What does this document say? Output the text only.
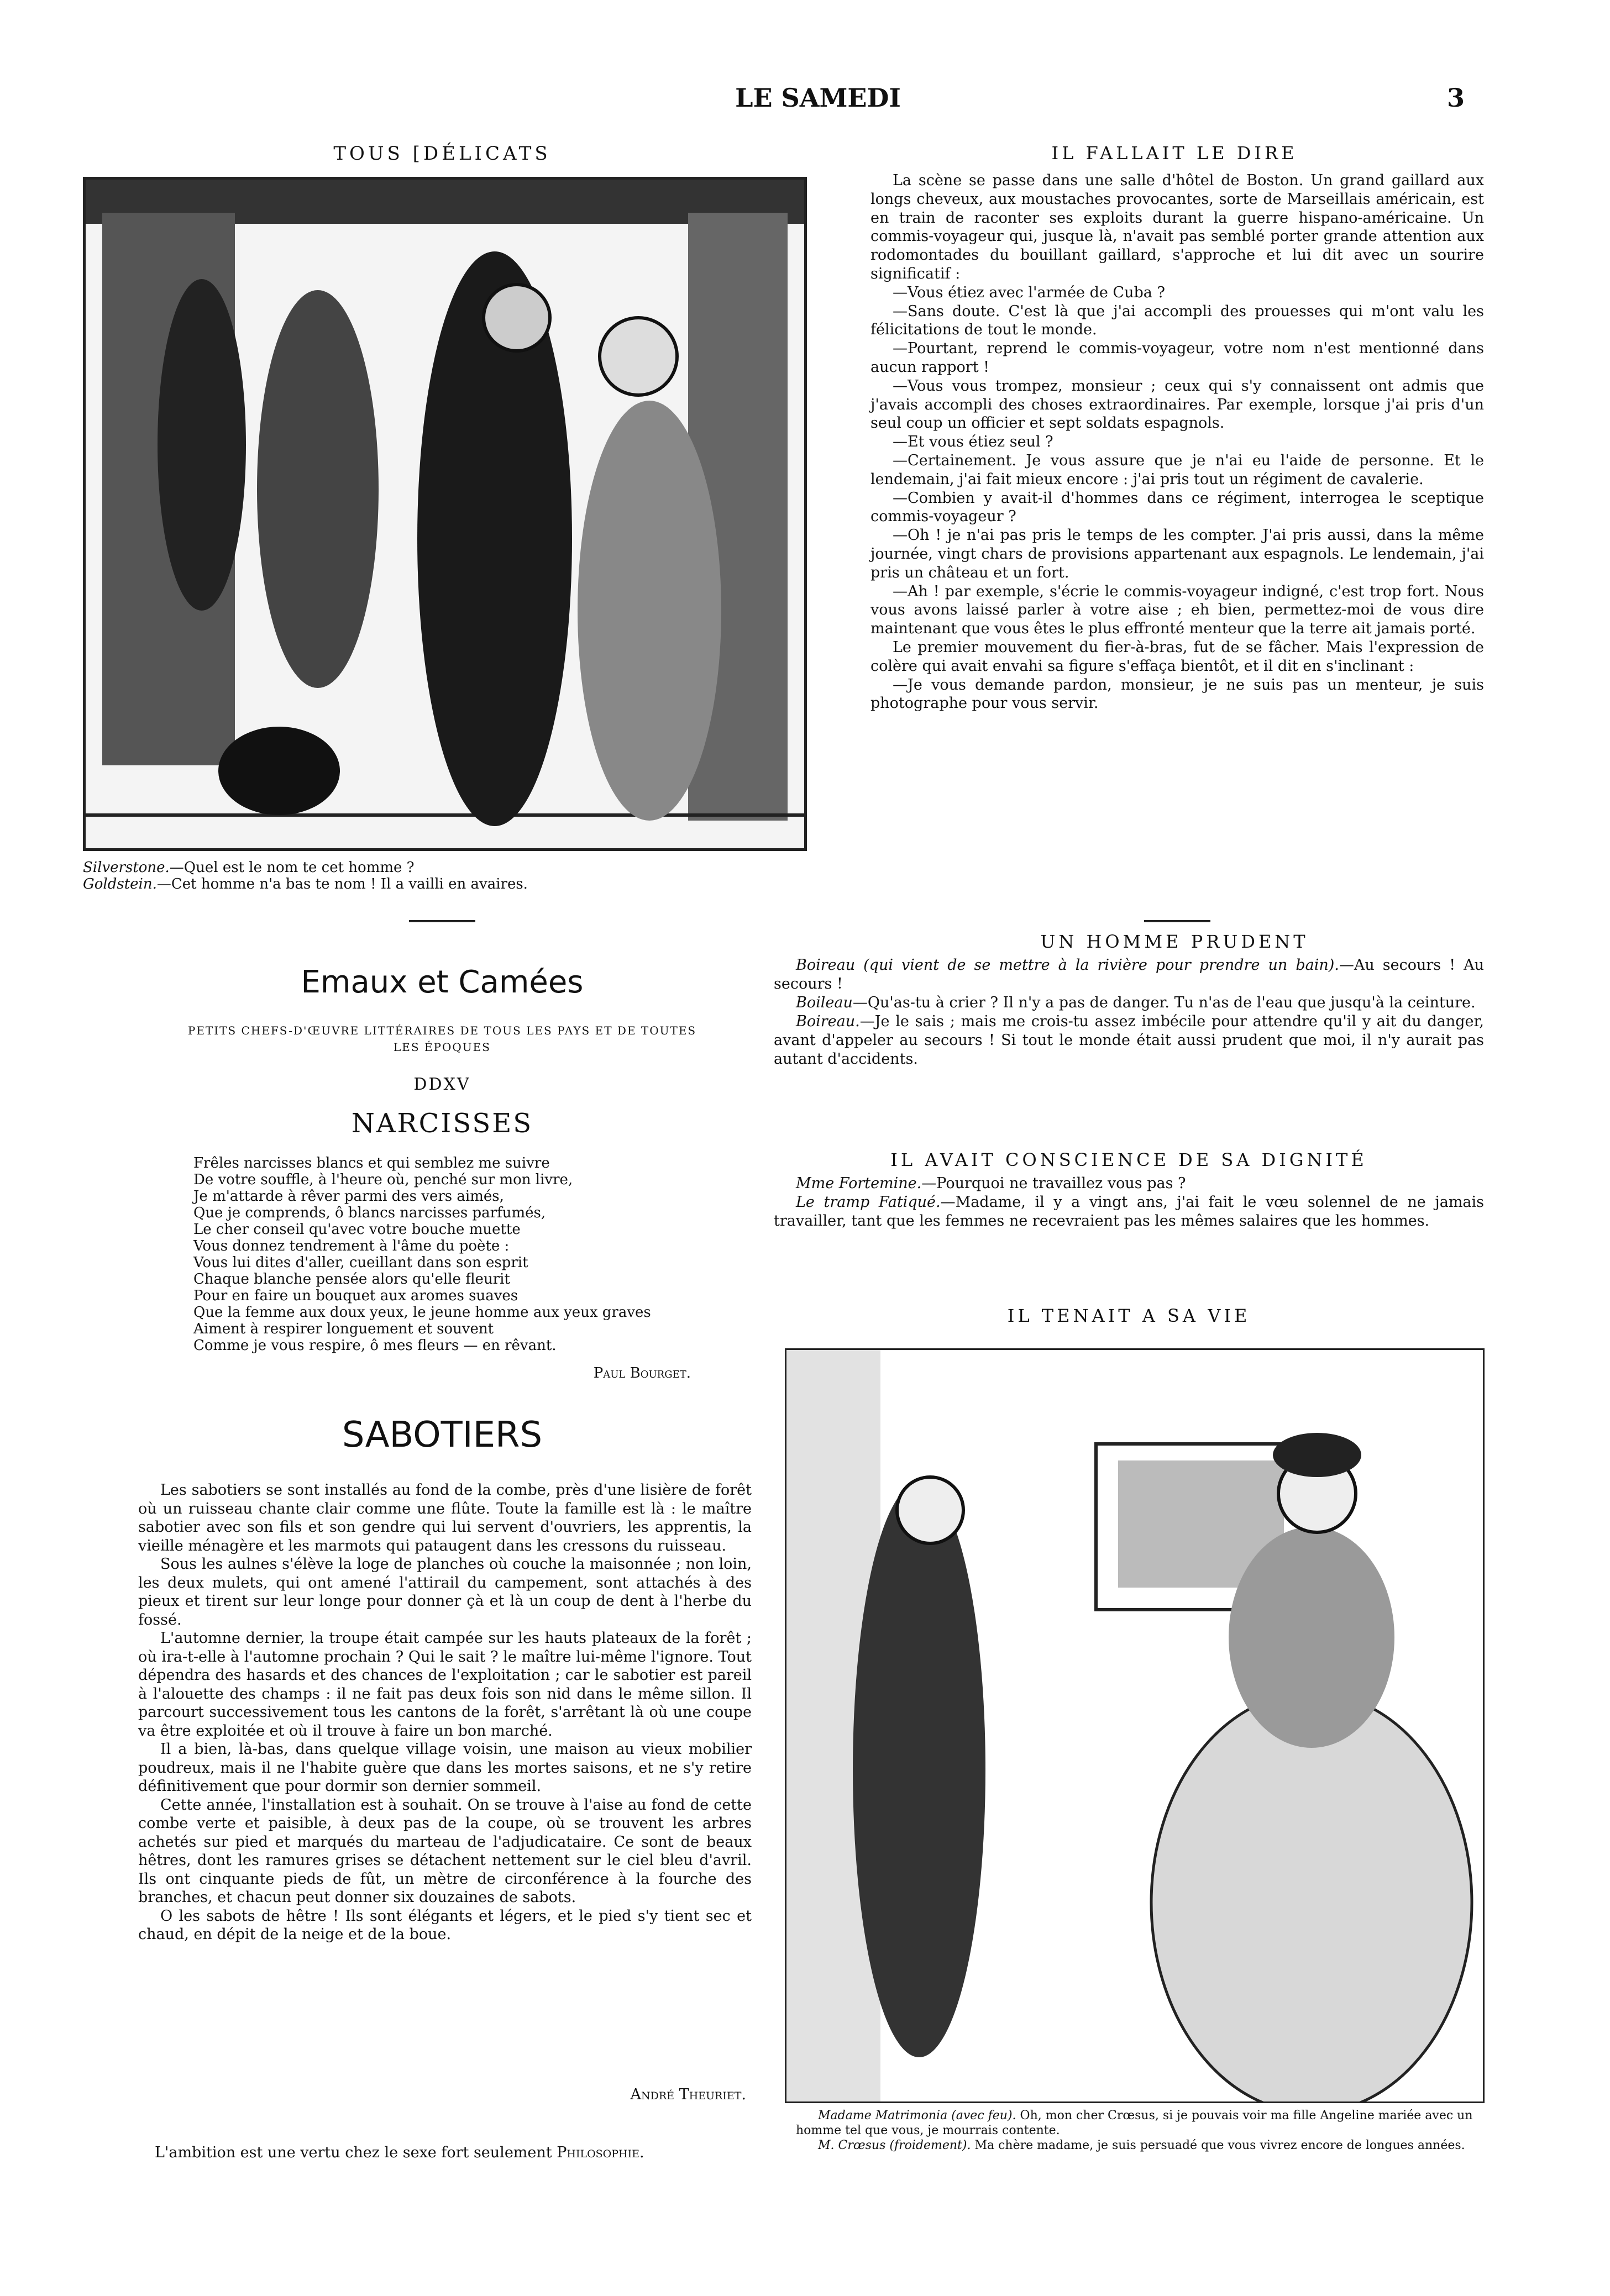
LE SAMEDI	3
TOUS [DÉLICATS
Silverstone.—Quel est le nom te cet homme ?
Goldstein.—Cet homme n'a bas te nom ! Il a vailli en avaires.
Emaux et Camées
PETITS CHEFS-D'ŒUVRE LITTÉRAIRES DE TOUS LES PAYS ET DE TOUTES LES ÉPOQUES
DDXV
NARCISSES
Frêles narcisses blancs et qui semblez me suivre
De votre souffle, à l'heure où, penché sur mon livre,
Je m'attarde à rêver parmi des vers aimés,
Que je comprends, ô blancs narcisses parfumés,
Le cher conseil qu'avec votre bouche muette
Vous donnez tendrement à l'âme du poète :
Vous lui dites d'aller, cueillant dans son esprit
Chaque blanche pensée alors qu'elle fleurit
Pour en faire un bouquet aux aromes suaves
Que la femme aux doux yeux, le jeune homme aux yeux graves
Aiment à respirer longuement et souvent
Comme je vous respire, ô mes fleurs — en rêvant.
Paul Bourget.
SABOTIERS

Les sabotiers se sont installés au fond de la combe, près d'une lisière de forêt où un ruisseau chante clair comme une flûte. Toute la famille est là : le maître sabotier avec son fils et son gendre qui lui servent d'ouvriers, les apprentis, la vieille ménagère et les marmots qui pataugent dans les cressons du ruisseau.

Sous les aulnes s'élève la loge de planches où couche la maisonnée ; non loin, les deux mulets, qui ont amené l'attirail du campement, sont attachés à des pieux et tirent sur leur longe pour donner çà et là un coup de dent à l'herbe du fossé.

L'automne dernier, la troupe était campée sur les hauts plateaux de la forêt ; où ira-t-elle à l'automne prochain ? Qui le sait ? le maître lui-même l'ignore. Tout dépendra des hasards et des chances de l'exploitation ; car le sabotier est pareil à l'alouette des champs : il ne fait pas deux fois son nid dans le même sillon. Il parcourt successivement tous les cantons de la forêt, s'arrêtant là où une coupe va être exploitée et où il trouve à faire un bon marché.

Il a bien, là-bas, dans quelque village voisin, une maison au vieux mobilier poudreux, mais il ne l'habite guère que dans les mortes saisons, et ne s'y retire définitivement que pour dormir son dernier sommeil.

Cette année, l'installation est à souhait. On se trouve à l'aise au fond de cette combe verte et paisible, à deux pas de la coupe, où se trouvent les arbres achetés sur pied et marqués du marteau de l'adjudicataire. Ce sont de beaux hêtres, dont les ramures grises se détachent nettement sur le ciel bleu d'avril. Ils ont cinquante pieds de fût, un mètre de circonférence à la fourche des branches, et chacun peut donner six douzaines de sabots.

O les sabots de hêtre ! Ils sont élégants et légers, et le pied s'y tient sec et chaud, en dépit de la neige et de la boue.

André Theuriet.
L'ambition est une vertu chez le sexe fort seulement Philosophie.
IL FALLAIT LE DIRE

La scène se passe dans une salle d'hôtel de Boston. Un grand gaillard aux longs cheveux, aux moustaches provocantes, sorte de Marseillais américain, est en train de raconter ses exploits durant la guerre hispano-américaine. Un commis-voyageur qui, jusque là, n'avait pas semblé porter grande attention aux rodomontades du bouillant gaillard, s'approche et lui dit avec un sourire significatif :

—Vous étiez avec l'armée de Cuba ?

—Sans doute. C'est là que j'ai accompli des prouesses qui m'ont valu les félicitations de tout le monde.

—Pourtant, reprend le commis-voyageur, votre nom n'est mentionné dans aucun rapport !

—Vous vous trompez, monsieur ; ceux qui s'y connaissent ont admis que j'avais accompli des choses extraordinaires. Par exemple, lorsque j'ai pris d'un seul coup un officier et sept soldats espagnols.

—Et vous étiez seul ?

—Certainement. Je vous assure que je n'ai eu l'aide de personne. Et le lendemain, j'ai fait mieux encore : j'ai pris tout un régiment de cavalerie.

—Combien y avait-il d'hommes dans ce régiment, interrogea le sceptique commis-voyageur ?

—Oh ! je n'ai pas pris le temps de les compter. J'ai pris aussi, dans la même journée, vingt chars de provisions appartenant aux espagnols. Le lendemain, j'ai pris un château et un fort.

—Ah ! par exemple, s'écrie le commis-voyageur indigné, c'est trop fort. Nous vous avons laissé parler à votre aise ; eh bien, permettez-moi de vous dire maintenant que vous êtes le plus effronté menteur que la terre ait jamais porté.

Le premier mouvement du fier-à-bras, fut de se fâcher. Mais l'expression de colère qui avait envahi sa figure s'effaça bientôt, et il dit en s'inclinant :

—Je vous demande pardon, monsieur, je ne suis pas un menteur, je suis photographe pour vous servir.

UN HOMME PRUDENT

Boireau (qui vient de se mettre à la rivière pour prendre un bain).—Au secours ! Au secours !

Boileau—Qu'as-tu à crier ? Il n'y a pas de danger. Tu n'as de l'eau que jusqu'à la ceinture.

Boireau.—Je le sais ; mais me crois-tu assez imbécile pour attendre qu'il y ait du danger, avant d'appeler au secours ! Si tout le monde était aussi prudent que moi, il n'y aurait pas autant d'accidents.

IL AVAIT CONSCIENCE DE SA DIGNITÉ

Mme Fortemine.—Pourquoi ne travaillez vous pas ?

Le tramp Fatiqué.—Madame, il y a vingt ans, j'ai fait le vœu solennel de ne jamais travailler, tant que les femmes ne recevraient pas les mêmes salaires que les hommes.

IL TENAIT A SA VIE
Madame Matrimonia (avec feu). Oh, mon cher Crœsus, si je pouvais voir ma fille Angeline mariée avec un homme tel que vous, je mourrais contente.
M. Crœsus (froidement). Ma chère madame, je suis persuadé que vous vivrez encore de longues années.
